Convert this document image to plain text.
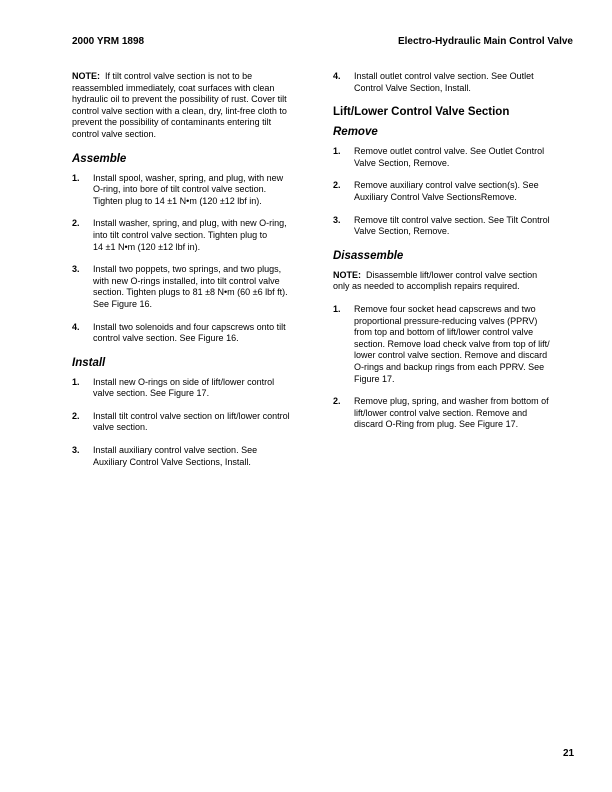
2000 YRM 1898	Electro-Hydraulic Main Control Valve
NOTE: If tilt control valve section is not to be
reassembled immediately, coat surfaces with clean
hydraulic oil to prevent the possibility of rust. Cover tilt
control valve section with a clean, dry, lint-free cloth to
prevent the possibility of contaminants entering tilt
control valve section.
Assemble
1.	Install spool, washer, spring, and plug, with new
O-ring, into bore of tilt control valve section.
Tighten plug to 14 ±1 N•m (120 ±12 lbf in).
2.	Install washer, spring, and plug, with new O-ring,
into tilt control valve section. Tighten plug to
14 ±1 N•m (120 ±12 lbf in).
3.	Install two poppets, two springs, and two plugs,
with new O-rings installed, into tilt control valve
section. Tighten plugs to 81 ±8 N•m (60 ±6 lbf ft).
See Figure 16.
4.	Install two solenoids and four capscrews onto tilt
control valve section. See Figure 16.
Install
1.	Install new O-rings on side of lift/lower control
valve section. See Figure 17.
2.	Install tilt control valve section on lift/lower control
valve section.
3.	Install auxiliary control valve section. See
Auxiliary Control Valve Sections, Install.
4.	Install outlet control valve section. See Outlet
Control Valve Section, Install.
Lift/Lower Control Valve Section
Remove
1.	Remove outlet control valve. See Outlet Control
Valve Section, Remove.
2.	Remove auxiliary control valve section(s). See
Auxiliary Control Valve SectionsRemove.
3.	Remove tilt control valve section. See Tilt Control
Valve Section, Remove.
Disassemble
NOTE: Disassemble lift/lower control valve section
only as needed to accomplish repairs required.
1.	Remove four socket head capscrews and two
proportional pressure-reducing valves (PPRV)
from top and bottom of lift/lower control valve
section. Remove load check valve from top of lift/
lower control valve section. Remove and discard
O-rings and backup rings from each PPRV. See
Figure 17.
2.	Remove plug, spring, and washer from bottom of
lift/lower control valve section. Remove and
discard O-Ring from plug. See Figure 17.
21
